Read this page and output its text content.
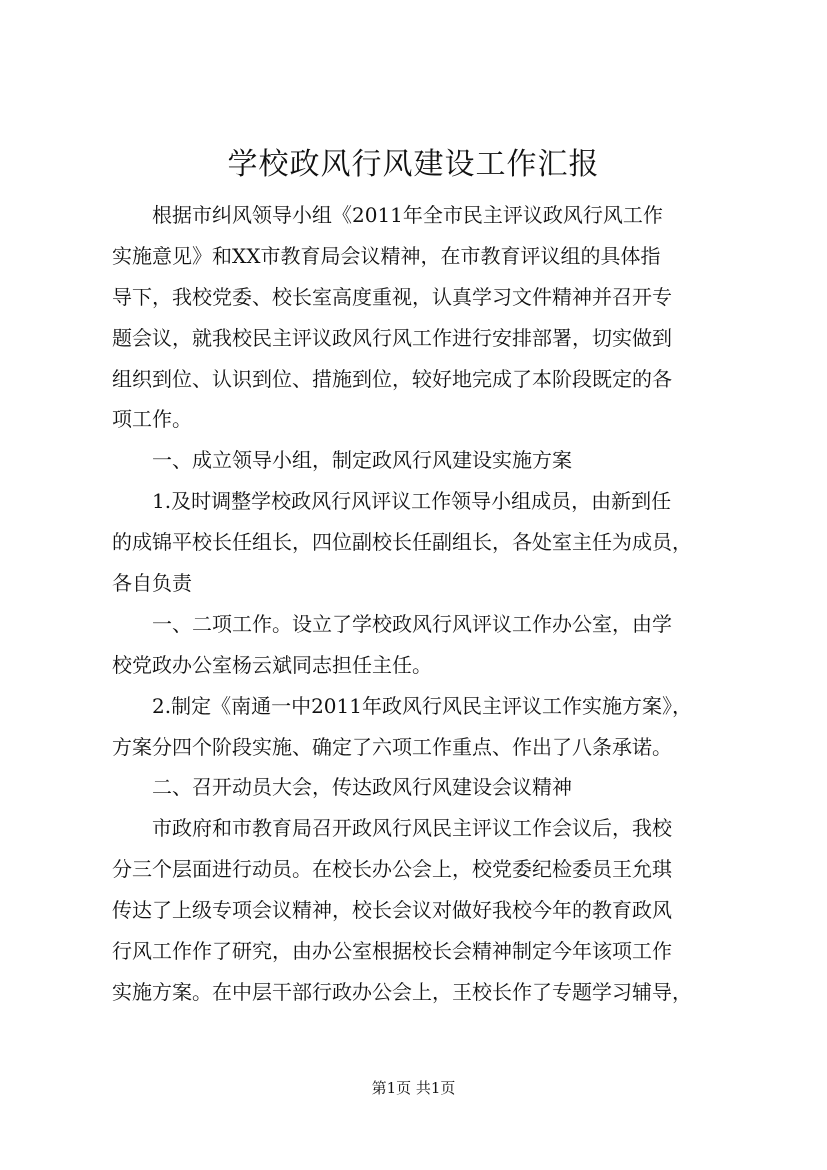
学校政风行风建设工作汇报
根据市纠风领导小组《2011年全市民主评议政风行风工作
实施意见》和XX市教育局会议精神，在市教育评议组的具体指
导下，我校党委、校长室高度重视，认真学习文件精神并召开专
题会议，就我校民主评议政风行风工作进行安排部署，切实做到
组织到位、认识到位、措施到位，较好地完成了本阶段既定的各
项工作。
一、成立领导小组，制定政风行风建设实施方案
1.及时调整学校政风行风评议工作领导小组成员，由新到任
的成锦平校长任组长，四位副校长任副组长，各处室主任为成员，
各自负责
一、二项工作。设立了学校政风行风评议工作办公室，由学
校党政办公室杨云斌同志担任主任。
2.制定《南通一中2011年政风行风民主评议工作实施方案》，
方案分四个阶段实施、确定了六项工作重点、作出了八条承诺。
二、召开动员大会，传达政风行风建设会议精神
市政府和市教育局召开政风行风民主评议工作会议后，我校
分三个层面进行动员。在校长办公会上，校党委纪检委员王允琪
传达了上级专项会议精神，校长会议对做好我校今年的教育政风
行风工作作了研究，由办公室根据校长会精神制定今年该项工作
实施方案。在中层干部行政办公会上，王校长作了专题学习辅导，
第1页 共1页
